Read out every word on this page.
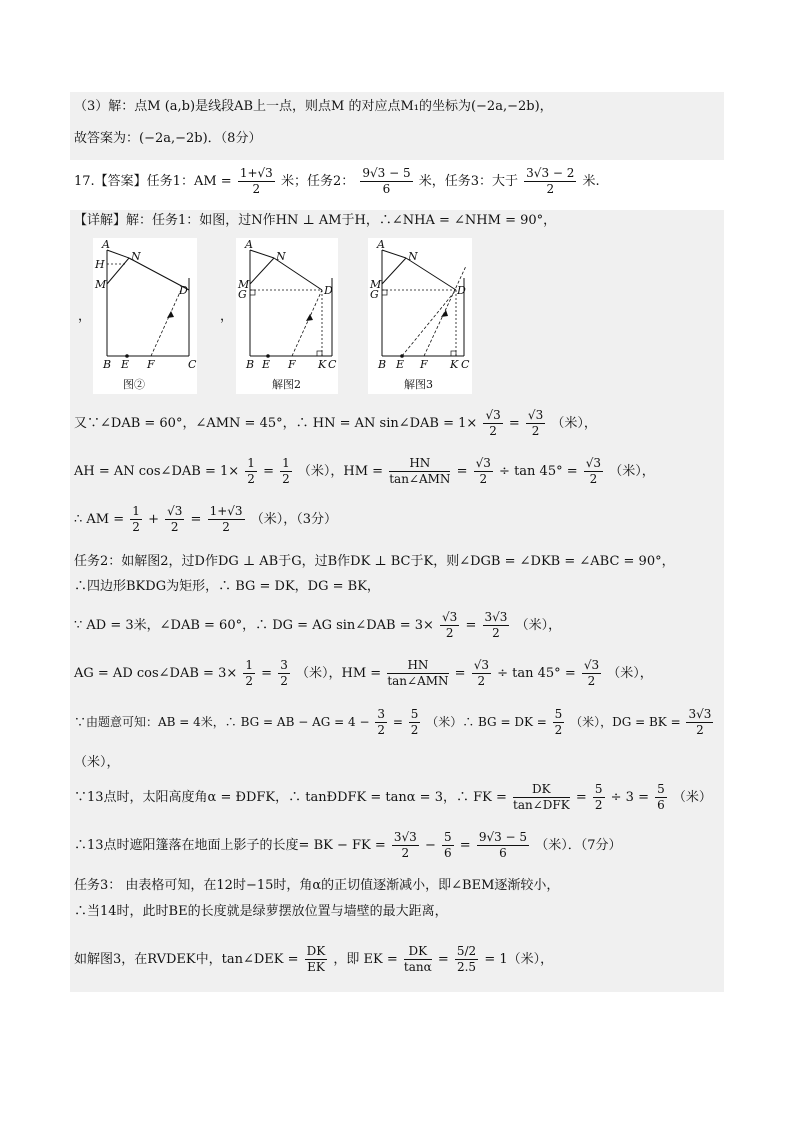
（3）解：点M (a,b)是线段AB上一点，则点M 的对应点M₁的坐标为(−2a,−2b)，
故答案为：(−2a,−2b)．（8分）
17.【答案】任务1：AM = $\frac{1+√3}{2}$ 米；任务2： $\frac{9√3 - 5}{6}$ 米，任务3：大于 $\frac{3√3 - 2}{2}$ 米.
【详解】解：任务1：如图，过N作HN ⊥ AM于H，∴∠NHA = ∠NHM = 90°，
，	，
A
H
N
M	D
B E F	C
图②
A
N
M
G	D
B E F K C
解图2
A
N
M
G	D
B E F K C
解图3
又∵∠DAB = 60°，∠AMN = 45°，∴ HN = AN sin∠DAB = $1\times \frac{√3}{2} = \frac{√3}{2}$ （米），
AH = AN cos∠DAB = $1\times \frac{1}{2} = \frac{1}{2}$ （米），HM = $\frac{HN}{\text{tan∠AMN}} = \frac{√3}{2} \div \tan 45^\circ = \frac{√3}{2}$ （米），
∴ AM = $\frac{1}{2} + \frac{√3}{2} = \frac{1+√3}{2}$ （米），（3分）
任务2：如解图2，过D作DG ⊥ AB于G，过B作DK ⊥ BC于K，则∠DGB = ∠DKB = ∠ABC = 90°，
∴四边形BKDG为矩形，∴ BG = DK，DG = BK，
∵ AD = 3米，∠DAB = 60°，∴ DG = AG sin∠DAB = $3\times \frac{√3}{2} = \frac{3√3}{2}$ （米），
AG = AD cos∠DAB = $3\times \frac{1}{2} = \frac{3}{2}$ （米），HM = $\frac{HN}{\text{tan∠AMN}} = \frac{√3}{2} \div \tan 45^\circ = \frac{√3}{2}$ （米），
∵由题意可知：AB = 4米，∴ BG = AB − AG = $4 - \frac{3}{2} = \frac{5}{2}$ （米）∴ BG = DK = $\frac{5}{2}$ （米），DG = BK = $\frac{3√3}{2}$
（米），
∵13点时，太阳高度角α = ÐDFK，∴ tanÐDFK = tanα = 3，∴ FK = $\frac{DK}{\text{tan∠DFK}} = \frac{5}{2} \div 3 = \frac{5}{6}$ （米）
∴13点时遮阳篷落在地面上影子的长度= BK − FK = $\frac{3√3}{2} - \frac{5}{6} = \frac{9√3 - 5}{6}$ （米）．（7分）
任务3： 由表格可知，在12时−15时，角α的正切值逐渐减小，即∠BEM逐渐较小，
∴当14时，此时BE的长度就是绿萝摆放位置与墙壁的最大距离，
如解图3，在RVDEK中，tan∠DEK = $\frac{DK}{EK}$ ，即 EK = $\frac{DK}{\tan\alpha} = \frac{5/2}{2.5} = 1$（米），
